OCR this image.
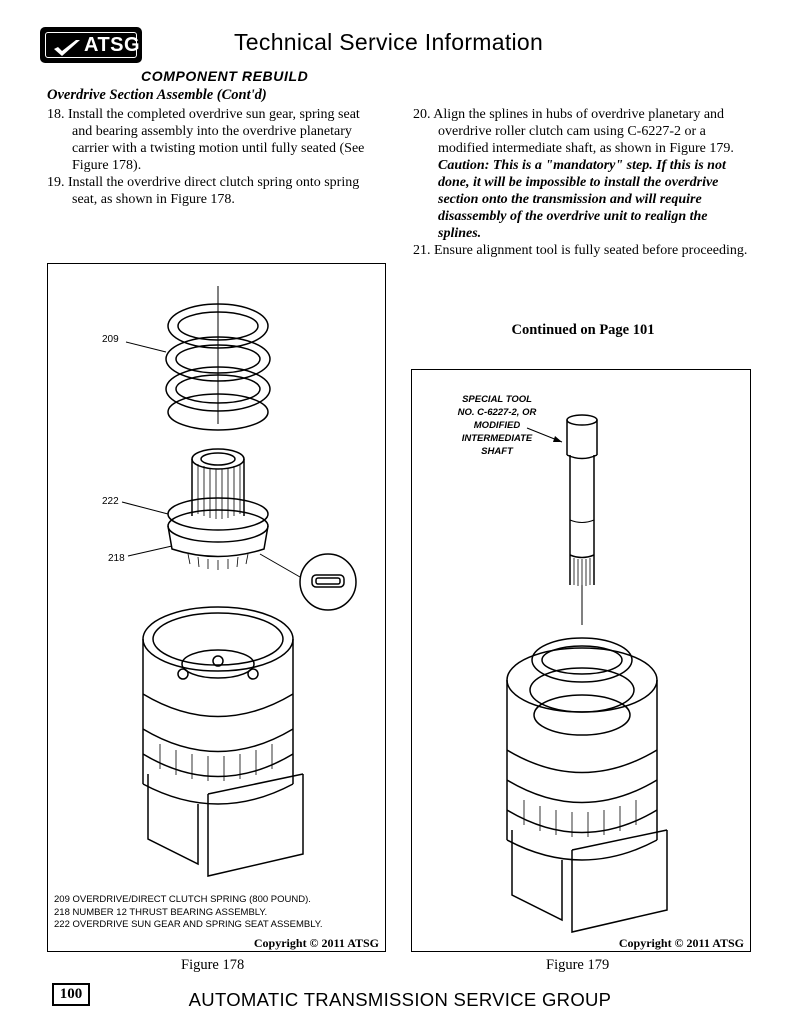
ATSG	Technical Service Information
COMPONENT REBUILD
Overdrive Section Assemble (Cont'd)

18. Install the completed overdrive sun gear, spring seat and bearing assembly into the overdrive planetary carrier with a twisting motion until fully seated (See Figure 178).

19. Install the overdrive direct clutch spring onto spring seat, as shown in Figure 178.

20. Align the splines in hubs of overdrive planetary and overdrive roller clutch cam using C-6227-2 or a modified intermediate shaft, as shown in Figure 179.

Caution: This is a "mandatory" step. If this is not done, it will be impossible to install the overdrive section onto the transmission and will require disassembly of the overdrive unit to realign the splines.

21. Ensure alignment tool is fully seated before proceeding.

Continued on Page 101
209
222
218
209 OVERDRIVE/DIRECT CLUTCH SPRING (800 POUND).
218 NUMBER 12 THRUST BEARING ASSEMBLY.
222 OVERDRIVE SUN GEAR AND SPRING SEAT ASSEMBLY.
Copyright © 2011 ATSG
Figure 178
SPECIAL TOOL
NO. C-6227-2, OR
MODIFIED
INTERMEDIATE
SHAFT
Copyright © 2011 ATSG
Figure 179
100	AUTOMATIC TRANSMISSION SERVICE GROUP
